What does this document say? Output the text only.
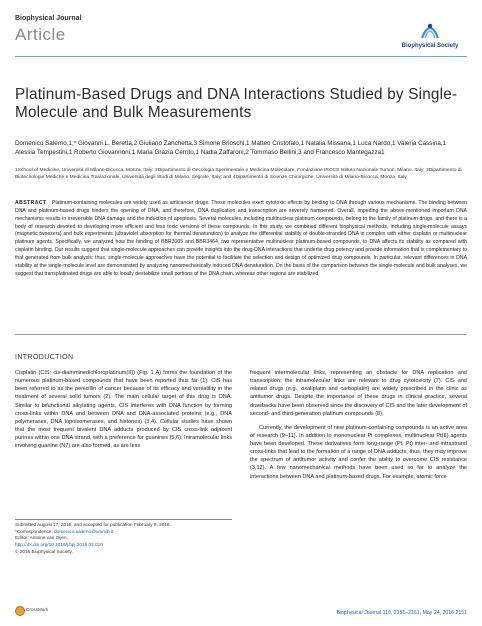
Biophysical Journal
Article
Biophysical Society
Platinum-Based Drugs and DNA Interactions Studied by Single-Molecule and Bulk Measurements
Domenico Salerno,1,* Giovanni L. Beretta,2 Giuliano Zanchetta,3 Simone Brioschi,1 Matteo Cristofalo,1 Natalia Missana,1 Luca Nardo,1 Valeria Cassina,1 Alessia Tempestini,1 Roberto Giovannoni,1 Maria Grazia Cerrito,1 Nadia Zaffaroni,2 Tommaso Bellini,3 and Francesco Mantegazza1
1School of Medicine, Università di Milano-Bicocca, Monza, Italy; 2Dipartimento di Oncologia Sperimentale e Medicina Molecolare, Fondazione IRCCS Istituto Nazionale Tumori, Milano, Italy; 3Dipartimento di Biotecnologie Mediche e Medicina Traslazionale, Università degli Studi di Milano, Segrate, Italy; and 4Dipartimento di Scienze Chirurgiche, Università di Milano-Bicocca, Monza, Italy
ABSTRACT Platinum-containing molecules are widely used as anticancer drugs. These molecules exert cytotoxic effects by binding to DNA through various mechanisms. The binding between DNA and platinum-based drugs hinders the opening of DNA, and therefore, DNA duplication and transcription are severely hampered. Overall, impeding the above-mentioned important DNA mechanisms results in irreversible DNA damage and the induction of apoptosis. Several molecules, including multinuclear platinum compounds, belong to the family of platinum drugs, and there is a body of research devoted to developing more efficient and less toxic versions of these compounds. In this study, we combined different biophysical methods, including single-molecule assays (magnetic tweezers) and bulk experiments (ultraviolet absorption for thermal denaturation) to analyze the differential stability of double-stranded DNA in complex with either cisplatin or multinuclear platinum agents. Specifically, we analyzed how the binding of BBR3005 and BBR3464, two representative multinuclear platinum-based compounds, to DNA affects its stability as compared with cisplatin binding. Our results suggest that single-molecule approaches can provide insights into the drug-DNA interactions that underlie drug potency and provide information that is complementary to that generated from bulk analysis; thus, single-molecule approaches have the potential to facilitate the selection and design of optimized drug compounds. In particular, relevant differences in DNA stability at the single-molecule level are demonstrated by analyzing nanomechanically induced DNA denaturation. On the basis of the comparison between the single-molecule and bulk analyses, we suggest that transplatinated drugs are able to locally destabilize small portions of the DNA chain, whereas other regions are stabilized.
INTRODUCTION

Cisplatin (CIS; cis-diamminedichloroplatinum(II)) (Fig. 1 A) forms the foundation of the numerous platinum-based compounds that have been reported thus far (1). CIS has been referred to as the penicillin of cancer because of its efficacy and versatility in the treatment of several solid tumors (2). The main cellular target of this drug is DNA. Similar to bifunctional alkylating agents, CIS interferes with DNA function by forming cross-links within DNA and between DNA and DNA-associated proteins (e.g., DNA polymerases, DNA topoisomerases, and histones) (3,4). Cellular studies have shown that the most frequent bivalent DNA adducts produced by CIS cross-link adjacent purines within one DNA strand, with a preference for guanines (5,6). Intramolecular links involving guanine (N7) are also formed, as are less

frequent intermolecular links, representing an obstacle for DNA replication and transcription; the intramolecular links are relevant to drug cytotoxicity (7). CIS and related drugs (e.g., oxaliplatin and carboplatin) are widely prescribed in the clinic as antitumor drugs. Despite the importance of these drugs in clinical practice, several drawbacks have been observed since the discovery of CIS and the later development of second- and third-generation platinum compounds (8).

Currently, the development of new platinum-containing compounds is an active area of research (9–11). In addition to mononuclear Pt complexes, multinuclear Pt(II) agents have been developed. These derivatives form long-range (Pt, Pt) inter- and intrastrand cross-links that lead to the formation of a range of DNA adducts; thus, they may improve the spectrum of antitumor activity and confer the ability to overcome CIS resistance (3,12). A few nanomechanical methods have been used so far to analyze the interactions between DNA and platinum-based drugs. For example, atomic force

Submitted August 17, 2015, and accepted for publication February 9, 2016.
*Correspondence: domenico.salerno@unimib.it
Editor: Antoine van Oijen.
http://dx.doi.org/10.1016/j.bpj.2016.02.010
© 2016 Biophysical Society.
CrossMark
Biophysical Journal 110, 2151–2161, May 24, 2016 2151
